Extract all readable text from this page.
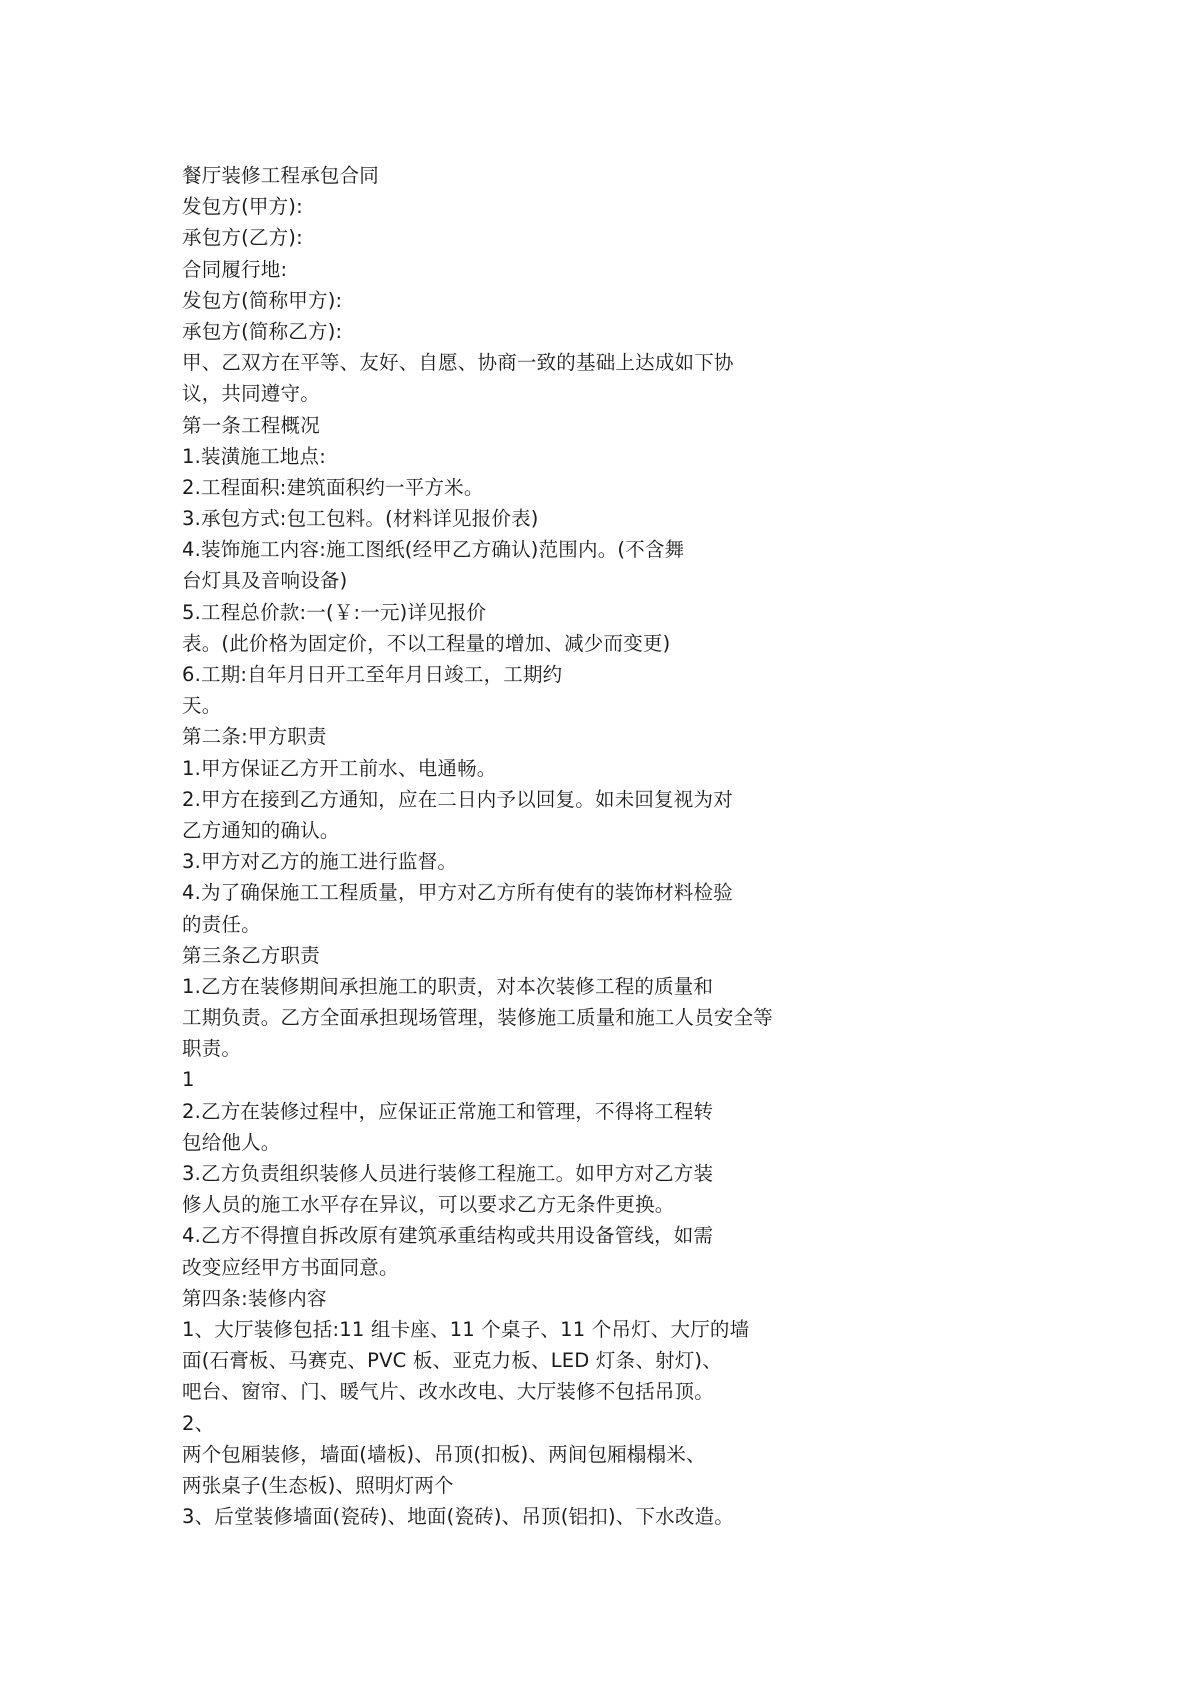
餐厅装修工程承包合同
发包方(甲方):
承包方(乙方):
合同履行地:
发包方(简称甲方):
承包方(简称乙方):
甲、乙双方在平等、友好、自愿、协商一致的基础上达成如下协
议，共同遵守。
第一条工程概况
1.装潢施工地点:
2.工程面积:建筑面积约一平方米。
3.承包方式:包工包料。(材料详见报价表)
4.装饰施工内容:施工图纸(经甲乙方确认)范围内。(不含舞
台灯具及音响设备)
5.工程总价款:一(￥:一元)详见报价
表。(此价格为固定价，不以工程量的增加、减少而变更)
6.工期:自年月日开工至年月日竣工，工期约
天。
第二条:甲方职责
1.甲方保证乙方开工前水、电通畅。
2.甲方在接到乙方通知，应在二日内予以回复。如未回复视为对
乙方通知的确认。
3.甲方对乙方的施工进行监督。
4.为了确保施工工程质量，甲方对乙方所有使有的装饰材料检验
的责任。
第三条乙方职责
1.乙方在装修期间承担施工的职责，对本次装修工程的质量和
工期负责。乙方全面承担现场管理，装修施工质量和施工人员安全等
职责。
1
2.乙方在装修过程中，应保证正常施工和管理，不得将工程转
包给他人。
3.乙方负责组织装修人员进行装修工程施工。如甲方对乙方装
修人员的施工水平存在异议，可以要求乙方无条件更换。
4.乙方不得擅自拆改原有建筑承重结构或共用设备管线，如需
改变应经甲方书面同意。
第四条:装修内容
1、大厅装修包括:11 组卡座、11 个桌子、11 个吊灯、大厅的墙
面(石膏板、马赛克、PVC 板、亚克力板、LED 灯条、射灯)、
吧台、窗帘、门、暖气片、改水改电、大厅装修不包括吊顶。
2、
两个包厢装修，墙面(墙板)、吊顶(扣板)、两间包厢榻榻米、
两张桌子(生态板)、照明灯两个
3、后堂装修墙面(瓷砖)、地面(瓷砖)、吊顶(铝扣)、下水改造。
